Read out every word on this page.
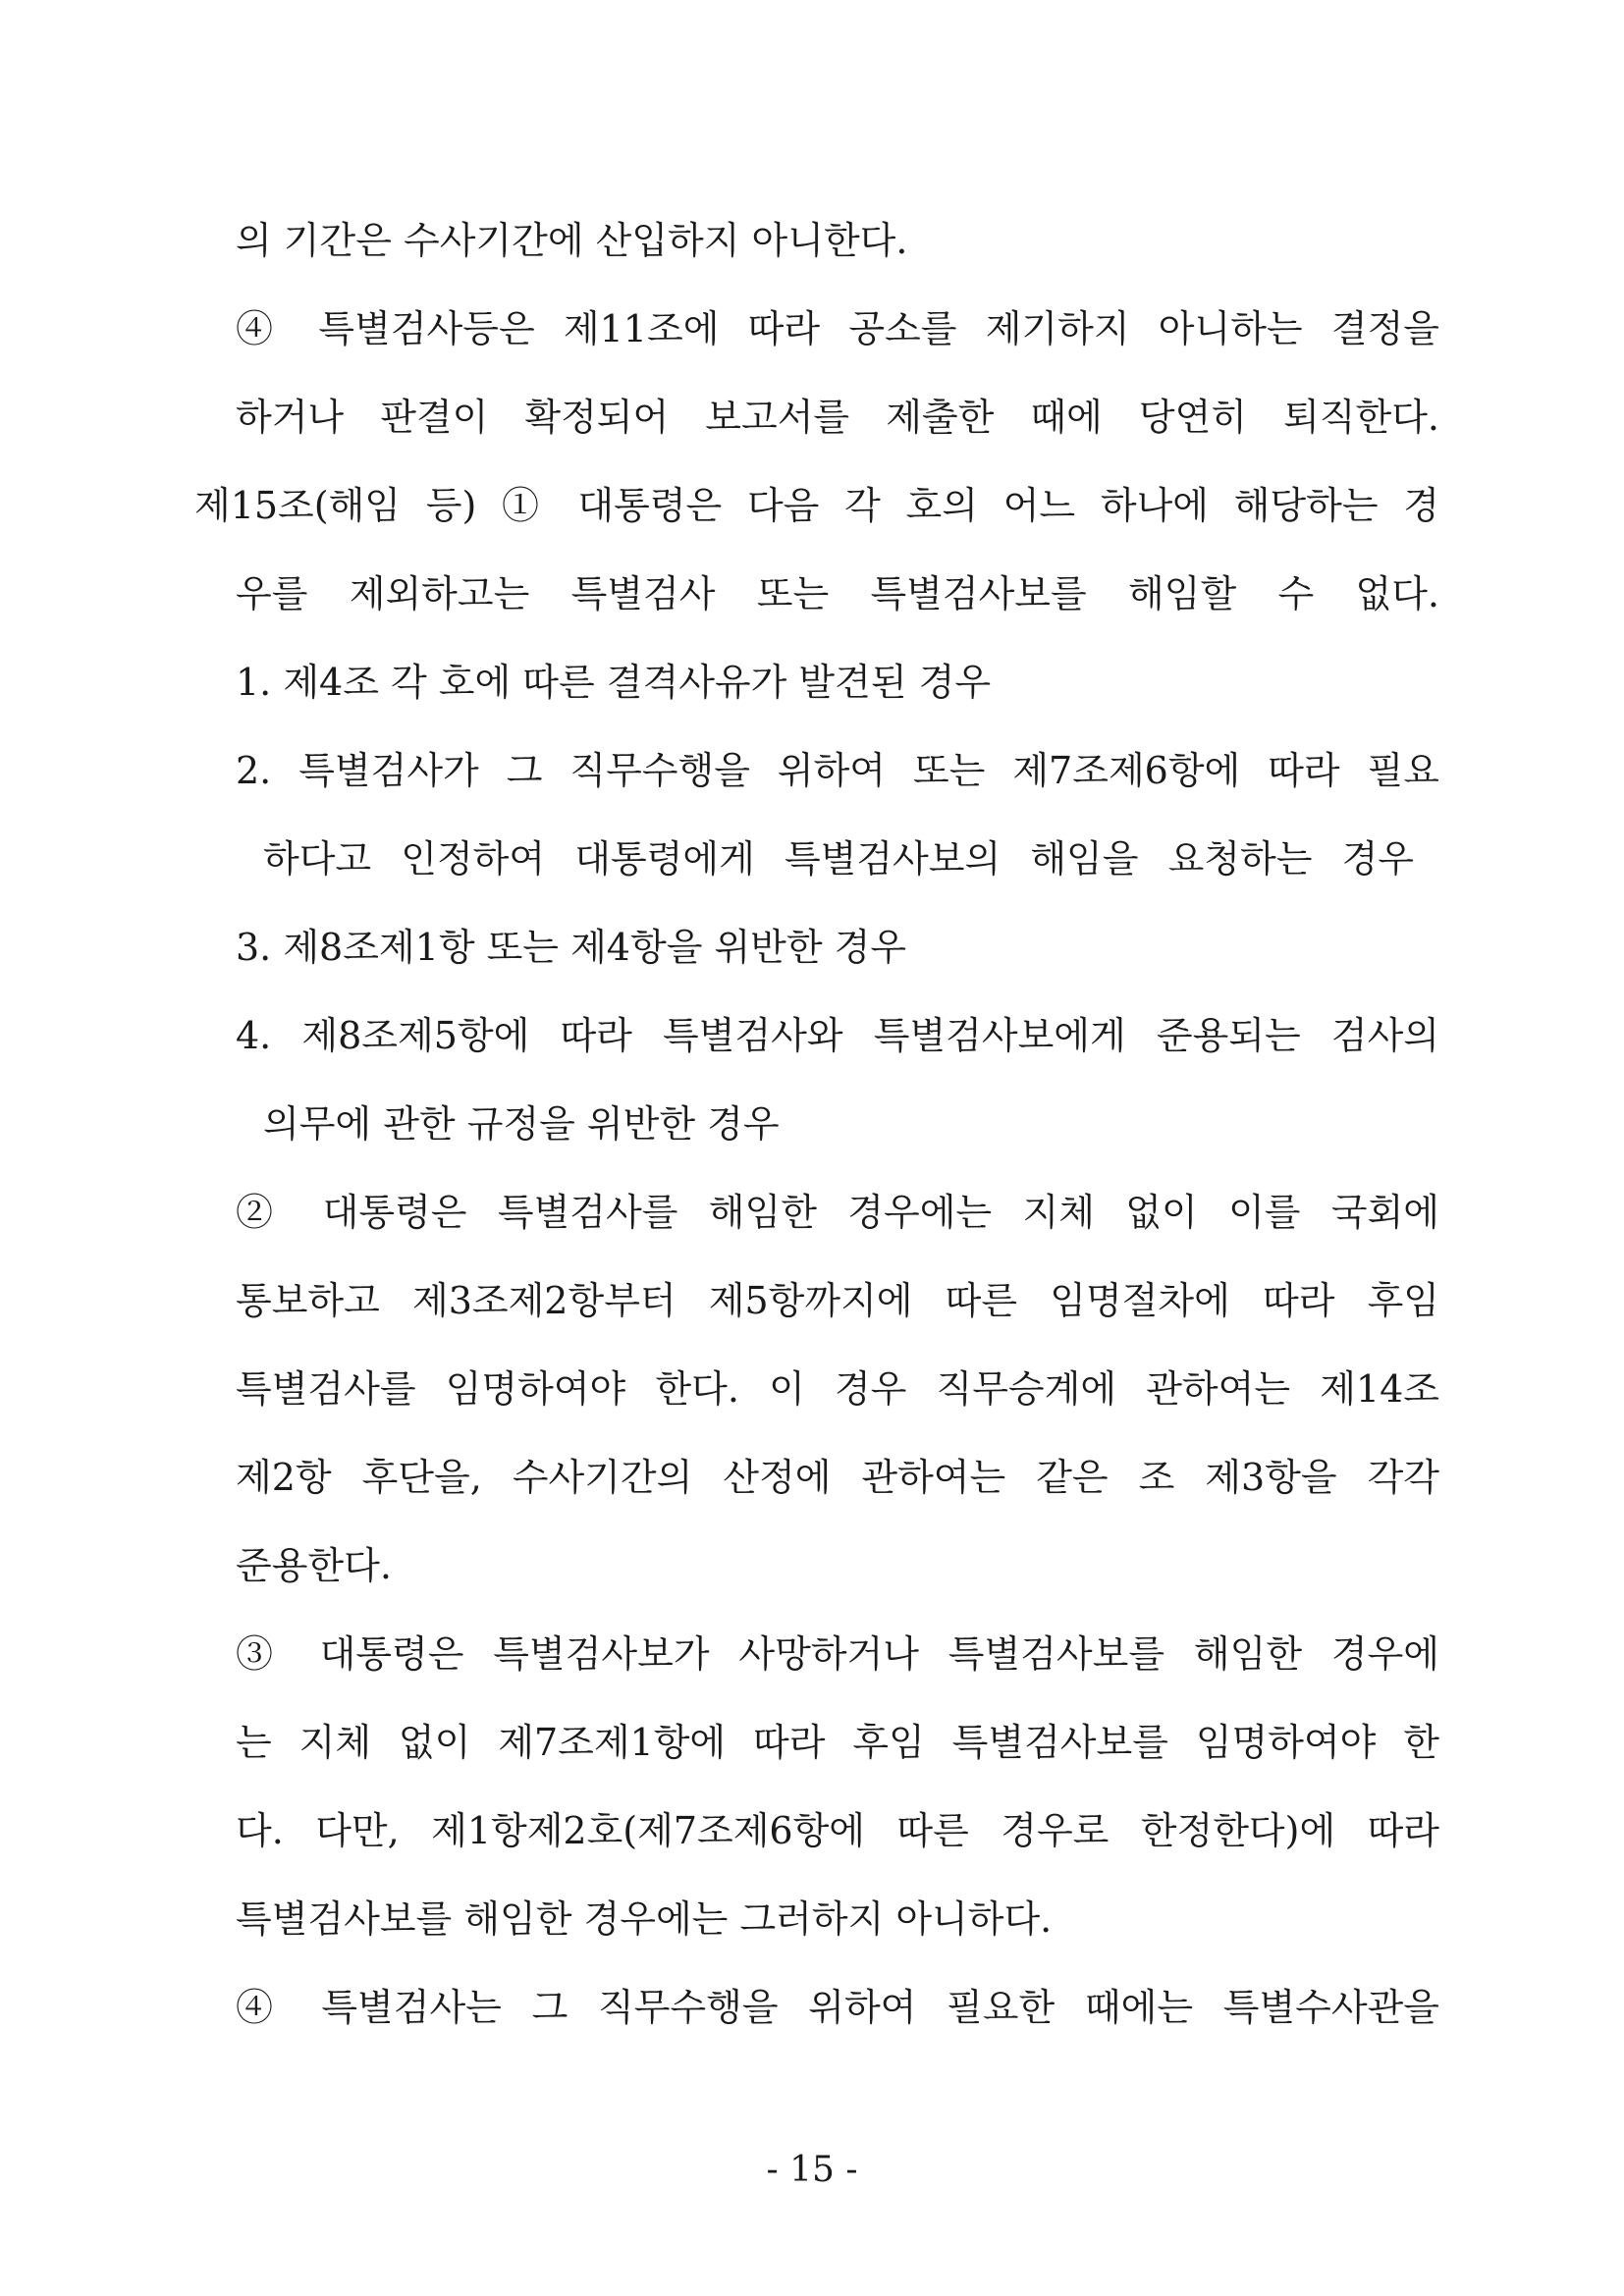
의 기간은 수사기간에 산입하지 아니한다.
④ 특별검사등은 제11조에 따라 공소를 제기하지 아니하는 결정을
하거나 판결이 확정되어 보고서를 제출한 때에 당연히 퇴직한다.
제15조(해임 등) ① 대통령은 다음 각 호의 어느 하나에 해당하는 경
우를 제외하고는 특별검사 또는 특별검사보를 해임할 수 없다.
1. 제4조 각 호에 따른 결격사유가 발견된 경우
2. 특별검사가 그 직무수행을 위하여 또는 제7조제6항에 따라 필요
하다고 인정하여 대통령에게 특별검사보의 해임을 요청하는 경우
3. 제8조제1항 또는 제4항을 위반한 경우
4. 제8조제5항에 따라 특별검사와 특별검사보에게 준용되는 검사의
의무에 관한 규정을 위반한 경우
② 대통령은 특별검사를 해임한 경우에는 지체 없이 이를 국회에
통보하고 제3조제2항부터 제5항까지에 따른 임명절차에 따라 후임
특별검사를 임명하여야 한다. 이 경우 직무승계에 관하여는 제14조
제2항 후단을, 수사기간의 산정에 관하여는 같은 조 제3항을 각각
준용한다.
③ 대통령은 특별검사보가 사망하거나 특별검사보를 해임한 경우에
는 지체 없이 제7조제1항에 따라 후임 특별검사보를 임명하여야 한
다. 다만, 제1항제2호(제7조제6항에 따른 경우로 한정한다)에 따라
특별검사보를 해임한 경우에는 그러하지 아니하다.
④ 특별검사는 그 직무수행을 위하여 필요한 때에는 특별수사관을
- 15 -
